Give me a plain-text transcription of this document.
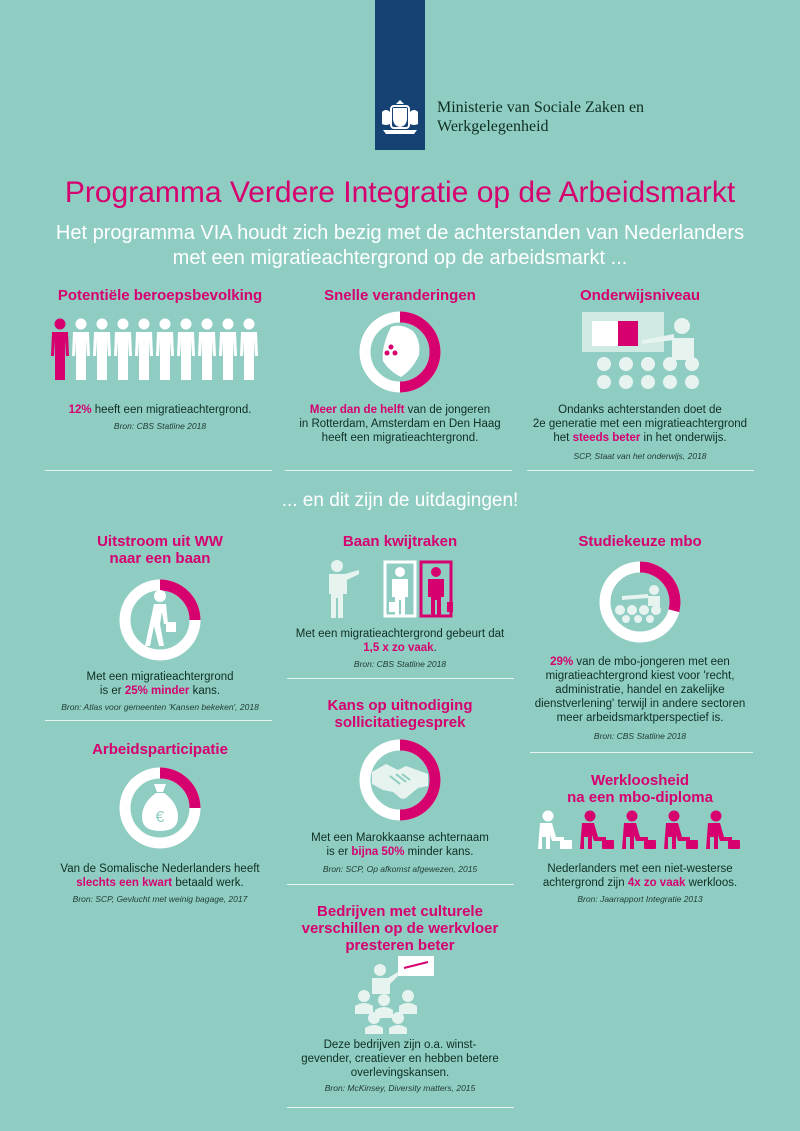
Ministerie van Sociale Zaken en
Werkgelegenheid
Programma Verdere Integratie op de Arbeidsmarkt
Het programma VIA houdt zich bezig met de achterstanden van Nederlanders
met een migratieachtergrond op de arbeidsmarkt ...
Potentiële beroepsbevolking
12% heeft een migratieachtergrond.
Bron: CBS Statline 2018
Snelle veranderingen
Meer dan de helft van de jongeren
in Rotterdam, Amsterdam en Den Haag
heeft een migratieachtergrond.
Onderwijsniveau
Ondanks achterstanden doet de
2e generatie met een migratieachtergrond
het steeds beter in het onderwijs.
SCP, Staat van het onderwijs, 2018
... en dit zijn de uitdagingen!
Uitstroom uit WW
naar een baan
Met een migratieachtergrond
is er 25% minder kans.
Bron: Atlas voor gemeenten 'Kansen bekeken', 2018
Arbeidsparticipatie
€
Van de Somalische Nederlanders heeft
slechts een kwart betaald werk.
Bron: SCP, Gevlucht met weinig bagage, 2017
Baan kwijtraken
Met een migratieachtergrond gebeurt dat
1,5 x zo vaak.
Bron: CBS Statline 2018
Kans op uitnodiging
sollicitatiegesprek
Met een Marokkaanse achternaam
is er bijna 50% minder kans.
Bron: SCP, Op afkomst afgewezen, 2015
Bedrijven met culturele
verschillen op de werkvloer
presteren beter
Deze bedrijven zijn o.a. winst-
gevender, creatiever en hebben betere
overlevingskansen.
Bron: McKinsey, Diversity matters, 2015
Studiekeuze mbo
29% van de mbo-jongeren met een
migratieachtergrond kiest voor 'recht,
administratie, handel en zakelijke
dienstverlening' terwijl in andere sectoren
meer arbeidsmarktperspectief is.
Bron: CBS Statline 2018
Werkloosheid
na een mbo-diploma
Nederlanders met een niet-westerse
achtergrond zijn 4x zo vaak werkloos.
Bron: Jaarrapport Integratie 2013
